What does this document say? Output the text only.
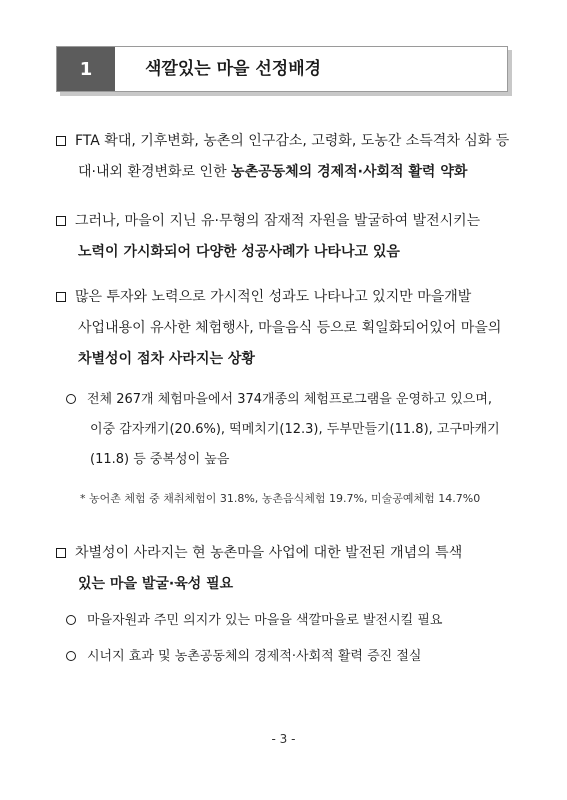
1	색깔있는 마을 선정배경
FTA 확대, 기후변화, 농촌의 인구감소, 고령화, 도농간 소득격차 심화 등
대·내외 환경변화로 인한 농촌공동체의 경제적·사회적 활력 약화
그러나, 마을이 지닌 유·무형의 잠재적 자원을 발굴하여 발전시키는
노력이 가시화되어 다양한 성공사례가 나타나고 있음
많은 투자와 노력으로 가시적인 성과도 나타나고 있지만 마을개발
사업내용이 유사한 체험행사, 마을음식 등으로 획일화되어있어 마을의
차별성이 점차 사라지는 상황
전체 267개 체험마을에서 374개종의 체험프로그램을 운영하고 있으며,
이중 감자캐기(20.6%), 떡메치기(12.3), 두부만들기(11.8), 고구마캐기
(11.8) 등 중복성이 높음
* 농어촌 체험 중 채취체험이 31.8%, 농촌음식체험 19.7%, 미술공예체험 14.7%0
차별성이 사라지는 현 농촌마을 사업에 대한 발전된 개념의 특색
있는 마을 발굴·육성 필요
마을자원과 주민 의지가 있는 마을을 색깔마을로 발전시킬 필요
시너지 효과 및 농촌공동체의 경제적·사회적 활력 증진 절실
- 3 -
